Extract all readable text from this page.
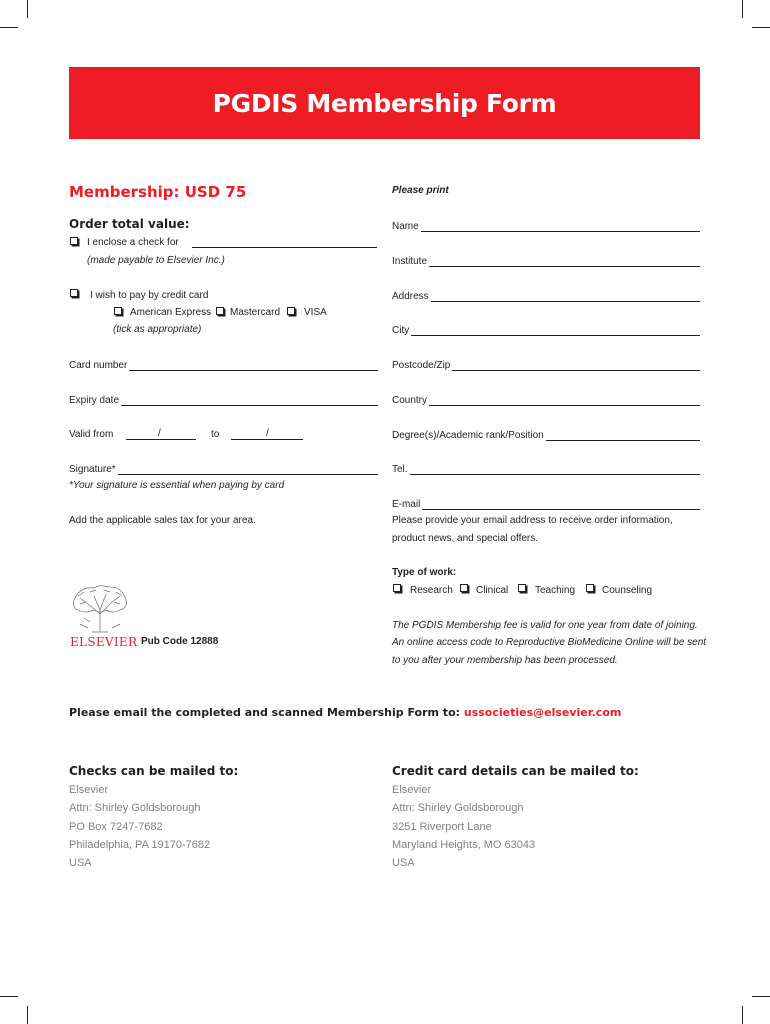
PGDIS Membership Form
Membership: USD 75
Order total value:
I enclose a check for
(made payable to Elsevier Inc.)
I wish to pay by credit card
American Express Mastercard VISA
(tick as appropriate)
Card number
Expiry date
Valid from	/	to	/
Signature*
*Your signature is essential when paying by card
Add the applicable sales tax for your area.
Please print
Name
Institute
Address
City
Postcode/Zip
Country
Degree(s)/Academic rank/Position
Tel.
E-mail
Please provide your email address to receive order information,
product news, and special offers.
Type of work:
Research Clinical	Teaching	Counseling
The PGDIS Membership fee is valid for one year from date of joining.
An online access code to Reproductive BioMedicine Online will be sent
to you after your membership has been processed.
ELSEVIER Pub Code 12888
Please email the completed and scanned Membership Form to: ussocieties@elsevier.com
Checks can be mailed to:
Elsevier
Attn: Shirley Goldsborough
PO Box 7247-7682
Philadelphia, PA 19170-7682
USA
Credit card details can be mailed to:
Elsevier
Attn: Shirley Goldsborough
3251 Riverport Lane
Maryland Heights, MO 63043
USA
